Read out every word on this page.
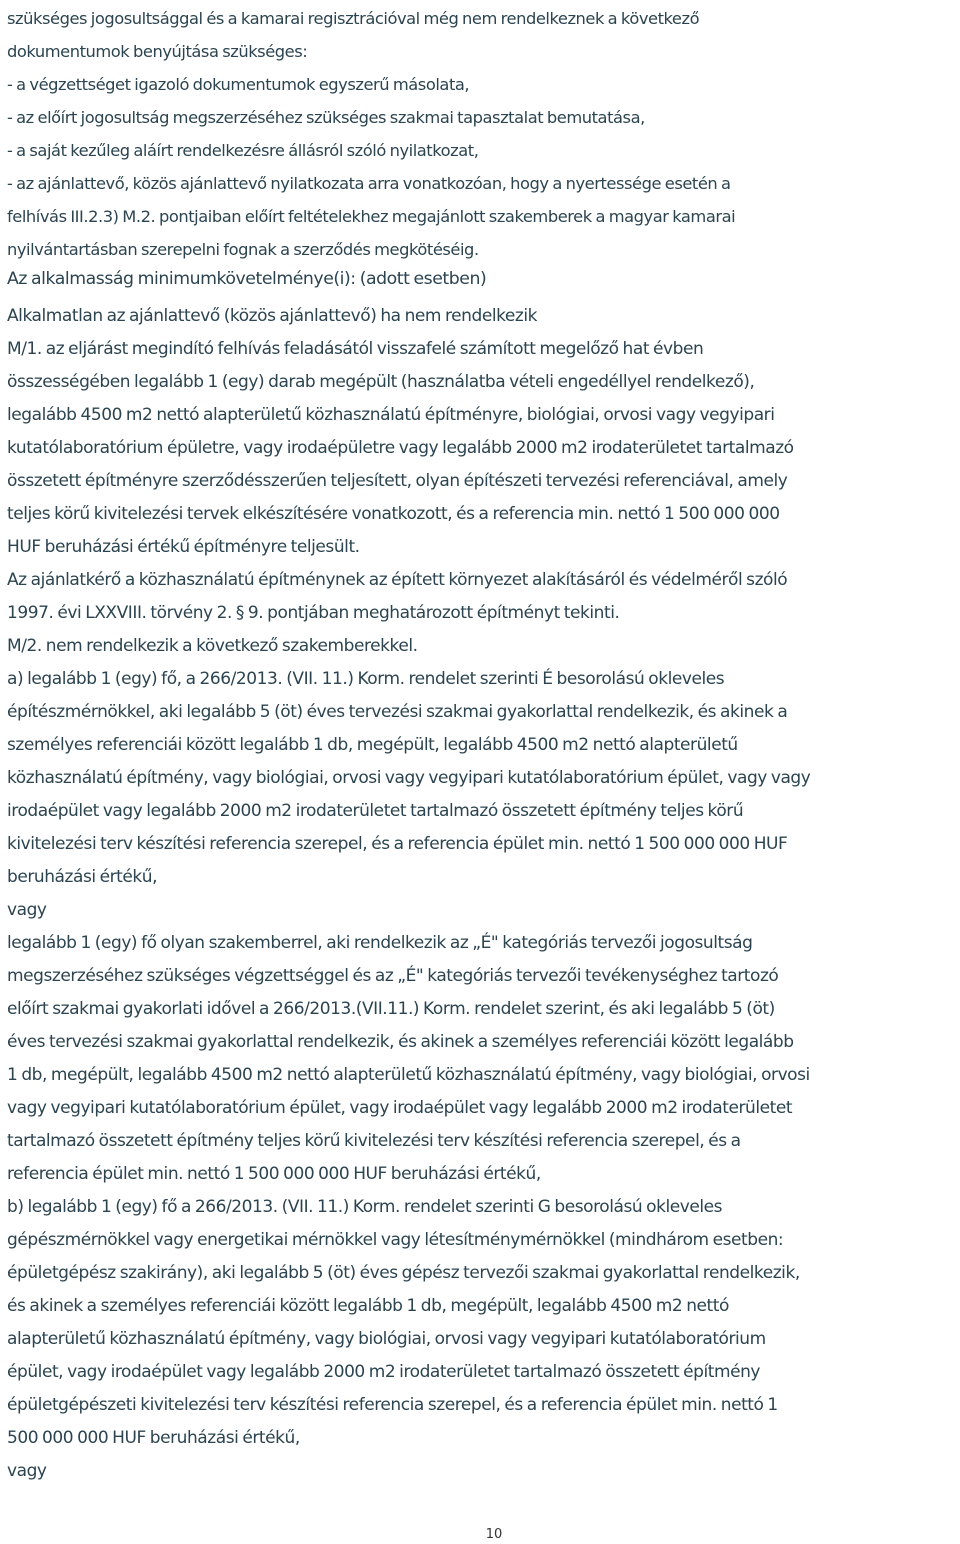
szükséges jogosultsággal és a kamarai regisztrációval még nem rendelkeznek a következő
dokumentumok benyújtása szükséges:
- a végzettséget igazoló dokumentumok egyszerű másolata,
- az előírt jogosultság megszerzéséhez szükséges szakmai tapasztalat bemutatása,
- a saját kezűleg aláírt rendelkezésre állásról szóló nyilatkozat,
- az ajánlattevő, közös ajánlattevő nyilatkozata arra vonatkozóan, hogy a nyertessége esetén a
felhívás III.2.3) M.2. pontjaiban előírt feltételekhez megajánlott szakemberek a magyar kamarai
nyilvántartásban szerepelni fognak a szerződés megkötéséig.
Az alkalmasság minimumkövetelménye(i): (adott esetben)
Alkalmatlan az ajánlattevő (közös ajánlattevő) ha nem rendelkezik
M/1. az eljárást megindító felhívás feladásától visszafelé számított megelőző hat évben
összességében legalább 1 (egy) darab megépült (használatba vételi engedéllyel rendelkező),
legalább 4500 m2 nettó alapterületű közhasználatú építményre, biológiai, orvosi vagy vegyipari
kutatólaboratórium épületre, vagy irodaépületre vagy legalább 2000 m2 irodaterületet tartalmazó
összetett építményre szerződésszerűen teljesített, olyan építészeti tervezési referenciával, amely
teljes körű kivitelezési tervek elkészítésére vonatkozott, és a referencia min. nettó 1 500 000 000
HUF beruházási értékű építményre teljesült.
Az ajánlatkérő a közhasználatú építménynek az épített környezet alakításáról és védelméről szóló
1997. évi LXXVIII. törvény 2. § 9. pontjában meghatározott építményt tekinti.
M/2. nem rendelkezik a következő szakemberekkel.
a) legalább 1 (egy) fő, a 266/2013. (VII. 11.) Korm. rendelet szerinti É besorolású okleveles
építészmérnökkel, aki legalább 5 (öt) éves tervezési szakmai gyakorlattal rendelkezik, és akinek a
személyes referenciái között legalább 1 db, megépült, legalább 4500 m2 nettó alapterületű
közhasználatú építmény, vagy biológiai, orvosi vagy vegyipari kutatólaboratórium épület, vagy vagy
irodaépület vagy legalább 2000 m2 irodaterületet tartalmazó összetett építmény teljes körű
kivitelezési terv készítési referencia szerepel, és a referencia épület min. nettó 1 500 000 000 HUF
beruházási értékű,
vagy
legalább 1 (egy) fő olyan szakemberrel, aki rendelkezik az „É" kategóriás tervezői jogosultság
megszerzéséhez szükséges végzettséggel és az „É" kategóriás tervezői tevékenységhez tartozó
előírt szakmai gyakorlati idővel a 266/2013.(VII.11.) Korm. rendelet szerint, és aki legalább 5 (öt)
éves tervezési szakmai gyakorlattal rendelkezik, és akinek a személyes referenciái között legalább
1 db, megépült, legalább 4500 m2 nettó alapterületű közhasználatú építmény, vagy biológiai, orvosi
vagy vegyipari kutatólaboratórium épület, vagy irodaépület vagy legalább 2000 m2 irodaterületet
tartalmazó összetett építmény teljes körű kivitelezési terv készítési referencia szerepel, és a
referencia épület min. nettó 1 500 000 000 HUF beruházási értékű,
b) legalább 1 (egy) fő a 266/2013. (VII. 11.) Korm. rendelet szerinti G besorolású okleveles
gépészmérnökkel vagy energetikai mérnökkel vagy létesítménymérnökkel (mindhárom esetben:
épületgépész szakirány), aki legalább 5 (öt) éves gépész tervezői szakmai gyakorlattal rendelkezik,
és akinek a személyes referenciái között legalább 1 db, megépült, legalább 4500 m2 nettó
alapterületű közhasználatú építmény, vagy biológiai, orvosi vagy vegyipari kutatólaboratórium
épület, vagy irodaépület vagy legalább 2000 m2 irodaterületet tartalmazó összetett építmény
épületgépészeti kivitelezési terv készítési referencia szerepel, és a referencia épület min. nettó 1
500 000 000 HUF beruházási értékű,
vagy
10
